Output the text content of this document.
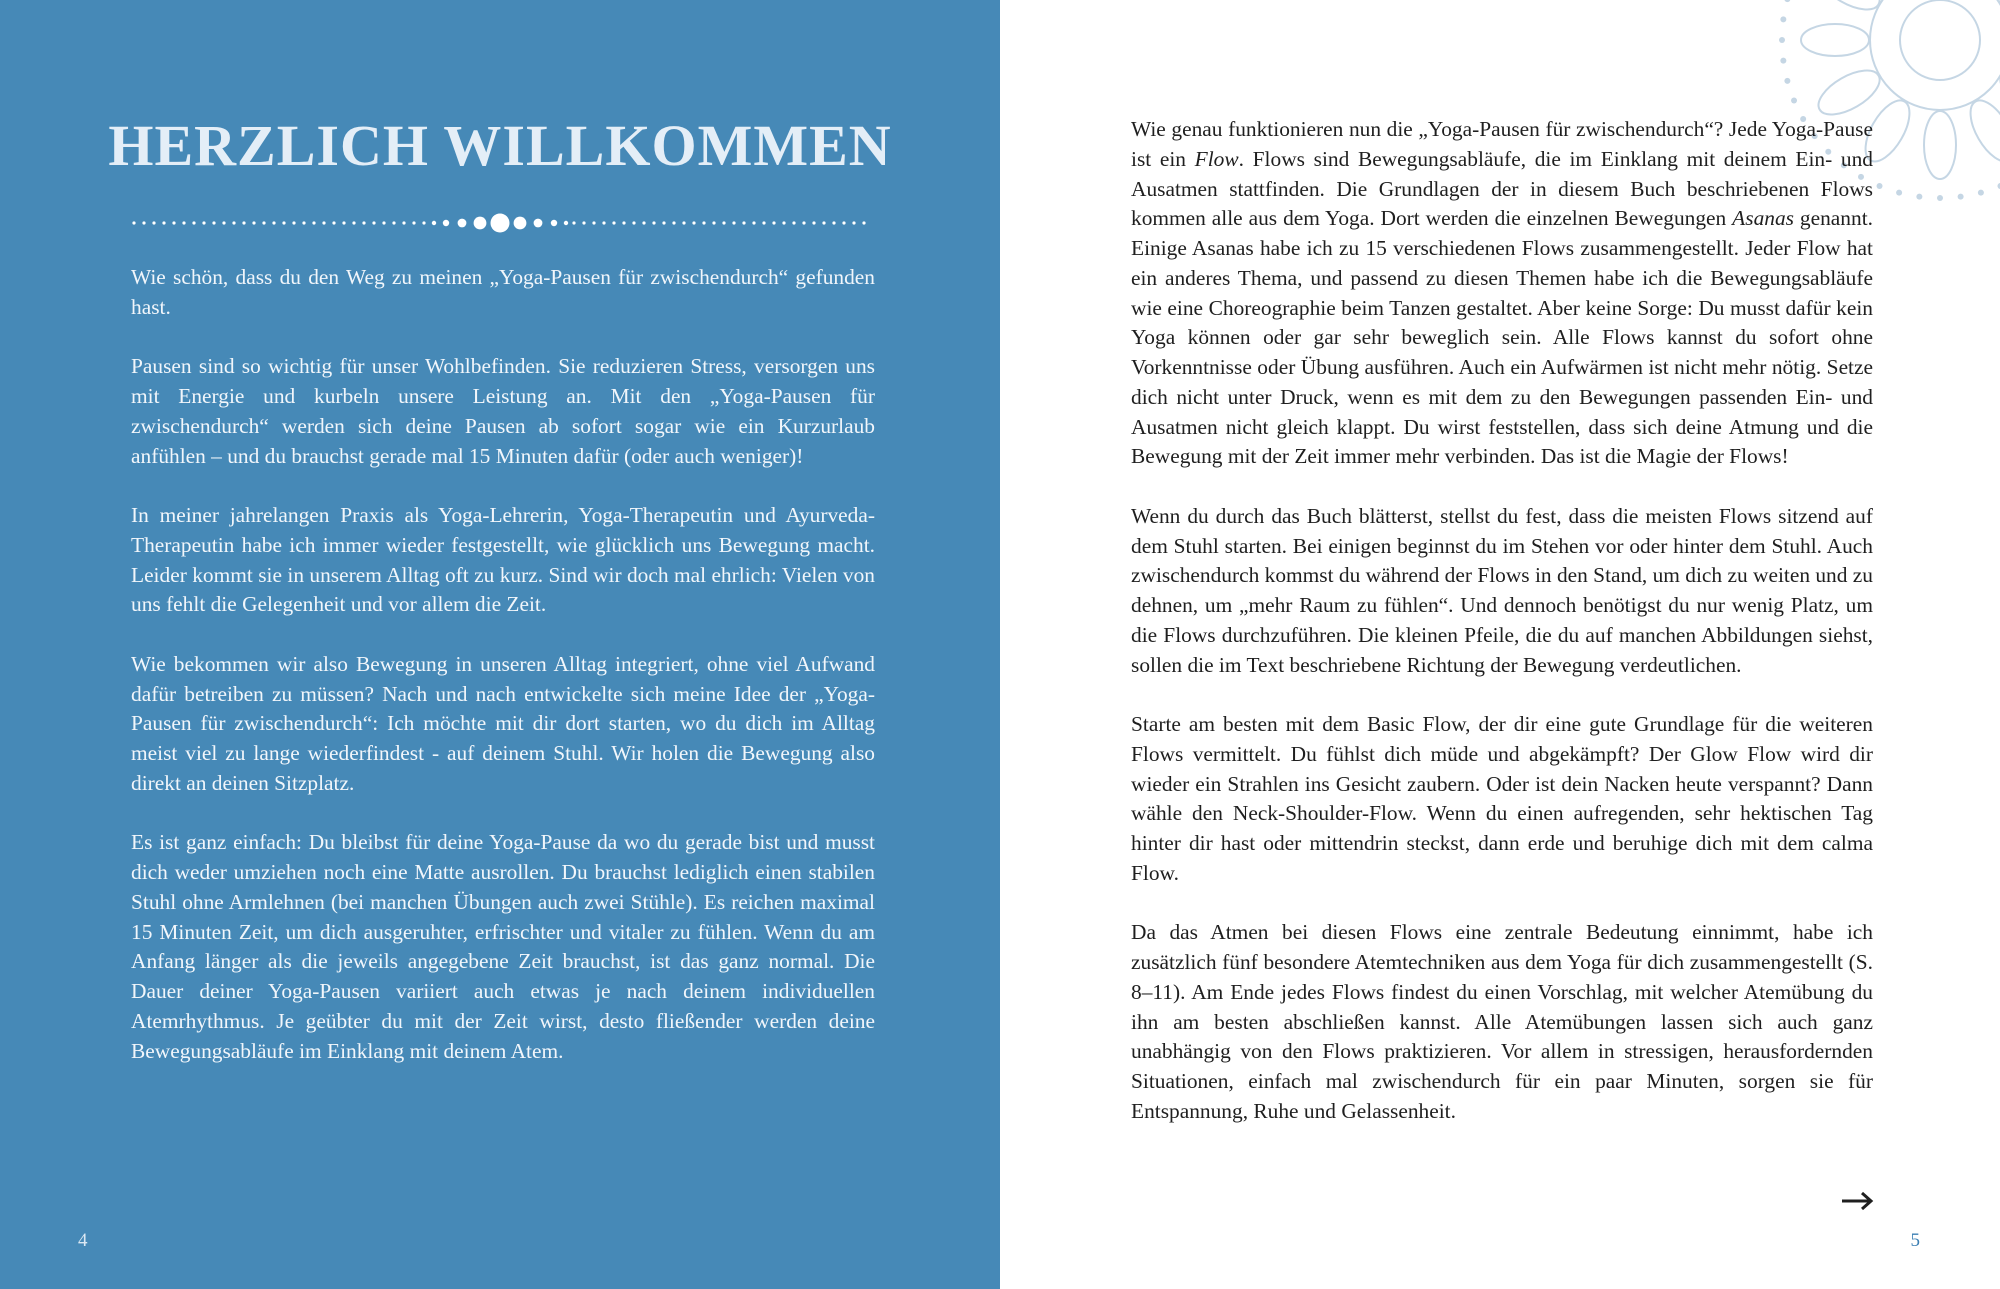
HERZLICH WILLKOMMEN

Wie schön, dass du den Weg zu meinen „Yoga-Pausen für zwischendurch“ gefunden hast.

Pausen sind so wichtig für unser Wohlbefinden. Sie reduzieren Stress, versorgen uns mit Energie und kurbeln unsere Leistung an. Mit den „Yoga-Pausen für zwischendurch“ werden sich deine Pausen ab sofort sogar wie ein Kurzurlaub anfühlen – und du brauchst gerade mal 15 Minuten dafür (oder auch weniger)!

In meiner jahrelangen Praxis als Yoga-Lehrerin, Yoga-Therapeutin und Ayurveda-Therapeutin habe ich immer wieder festgestellt, wie glücklich uns Bewegung macht. Leider kommt sie in unserem Alltag oft zu kurz. Sind wir doch mal ehrlich: Vielen von uns fehlt die Gelegenheit und vor allem die Zeit.

Wie bekommen wir also Bewegung in unseren Alltag integriert, ohne viel Aufwand dafür betreiben zu müssen? Nach und nach entwickelte sich meine Idee der „Yoga-Pausen für zwischendurch“: Ich möchte mit dir dort starten, wo du dich im Alltag meist viel zu lange wiederfindest - auf deinem Stuhl. Wir holen die Bewegung also direkt an deinen Sitzplatz.

Es ist ganz einfach: Du bleibst für deine Yoga-Pause da wo du gerade bist und musst dich weder umziehen noch eine Matte ausrollen. Du brauchst lediglich einen stabilen Stuhl ohne Armlehnen (bei manchen Übungen auch zwei Stühle). Es reichen maximal 15 Minuten Zeit, um dich ausgeruhter, erfrischter und vitaler zu fühlen. Wenn du am Anfang länger als die jeweils angegebene Zeit brauchst, ist das ganz normal. Die Dauer deiner Yoga-Pausen variiert auch etwas je nach deinem individuellen Atemrhythmus. Je geübter du mit der Zeit wirst, desto fließender werden deine Bewegungsabläufe im Einklang mit deinem Atem.

4

Wie genau funktionieren nun die „Yoga-Pausen für zwischendurch“? Jede Yoga-Pause ist ein Flow. Flows sind Bewegungsabläufe, die im Einklang mit deinem Ein- und Ausatmen stattfinden. Die Grundlagen der in diesem Buch beschriebenen Flows kommen alle aus dem Yoga. Dort werden die einzelnen Bewegungen Asanas genannt. Einige Asanas habe ich zu 15 verschiedenen Flows zusammengestellt. Jeder Flow hat ein anderes Thema, und passend zu diesen Themen habe ich die Bewegungsabläufe wie eine Choreographie beim Tanzen gestaltet. Aber keine Sorge: Du musst dafür kein Yoga können oder gar sehr beweglich sein. Alle Flows kannst du sofort ohne Vorkenntnisse oder Übung ausführen. Auch ein Aufwärmen ist nicht mehr nötig. Setze dich nicht unter Druck, wenn es mit dem zu den Bewegungen passenden Ein- und Ausatmen nicht gleich klappt. Du wirst feststellen, dass sich deine Atmung und die Bewegung mit der Zeit immer mehr verbinden. Das ist die Magie der Flows!

Wenn du durch das Buch blätterst, stellst du fest, dass die meisten Flows sitzend auf dem Stuhl starten. Bei einigen beginnst du im Stehen vor oder hinter dem Stuhl. Auch zwischendurch kommst du während der Flows in den Stand, um dich zu weiten und zu dehnen, um „mehr Raum zu fühlen“. Und dennoch benötigst du nur wenig Platz, um die Flows durchzuführen. Die kleinen Pfeile, die du auf manchen Abbildungen siehst, sollen die im Text beschriebene Richtung der Bewegung verdeutlichen.

Starte am besten mit dem Basic Flow, der dir eine gute Grundlage für die weiteren Flows vermittelt. Du fühlst dich müde und abgekämpft? Der Glow Flow wird dir wieder ein Strahlen ins Gesicht zaubern. Oder ist dein Nacken heute verspannt? Dann wähle den Neck-Shoulder-Flow. Wenn du einen aufregenden, sehr hektischen Tag hinter dir hast oder mittendrin steckst, dann erde und beruhige dich mit dem calma Flow.

Da das Atmen bei diesen Flows eine zentrale Bedeutung einnimmt, habe ich zusätzlich fünf besondere Atemtechniken aus dem Yoga für dich zusammengestellt (S. 8–11). Am Ende jedes Flows findest du einen Vorschlag, mit welcher Atemübung du ihn am besten abschließen kannst. Alle Atemübungen lassen sich auch ganz unabhängig von den Flows praktizieren. Vor allem in stressigen, herausfordernden Situationen, einfach mal zwischendurch für ein paar Minuten, sorgen sie für Entspannung, Ruhe und Gelassenheit.

5
